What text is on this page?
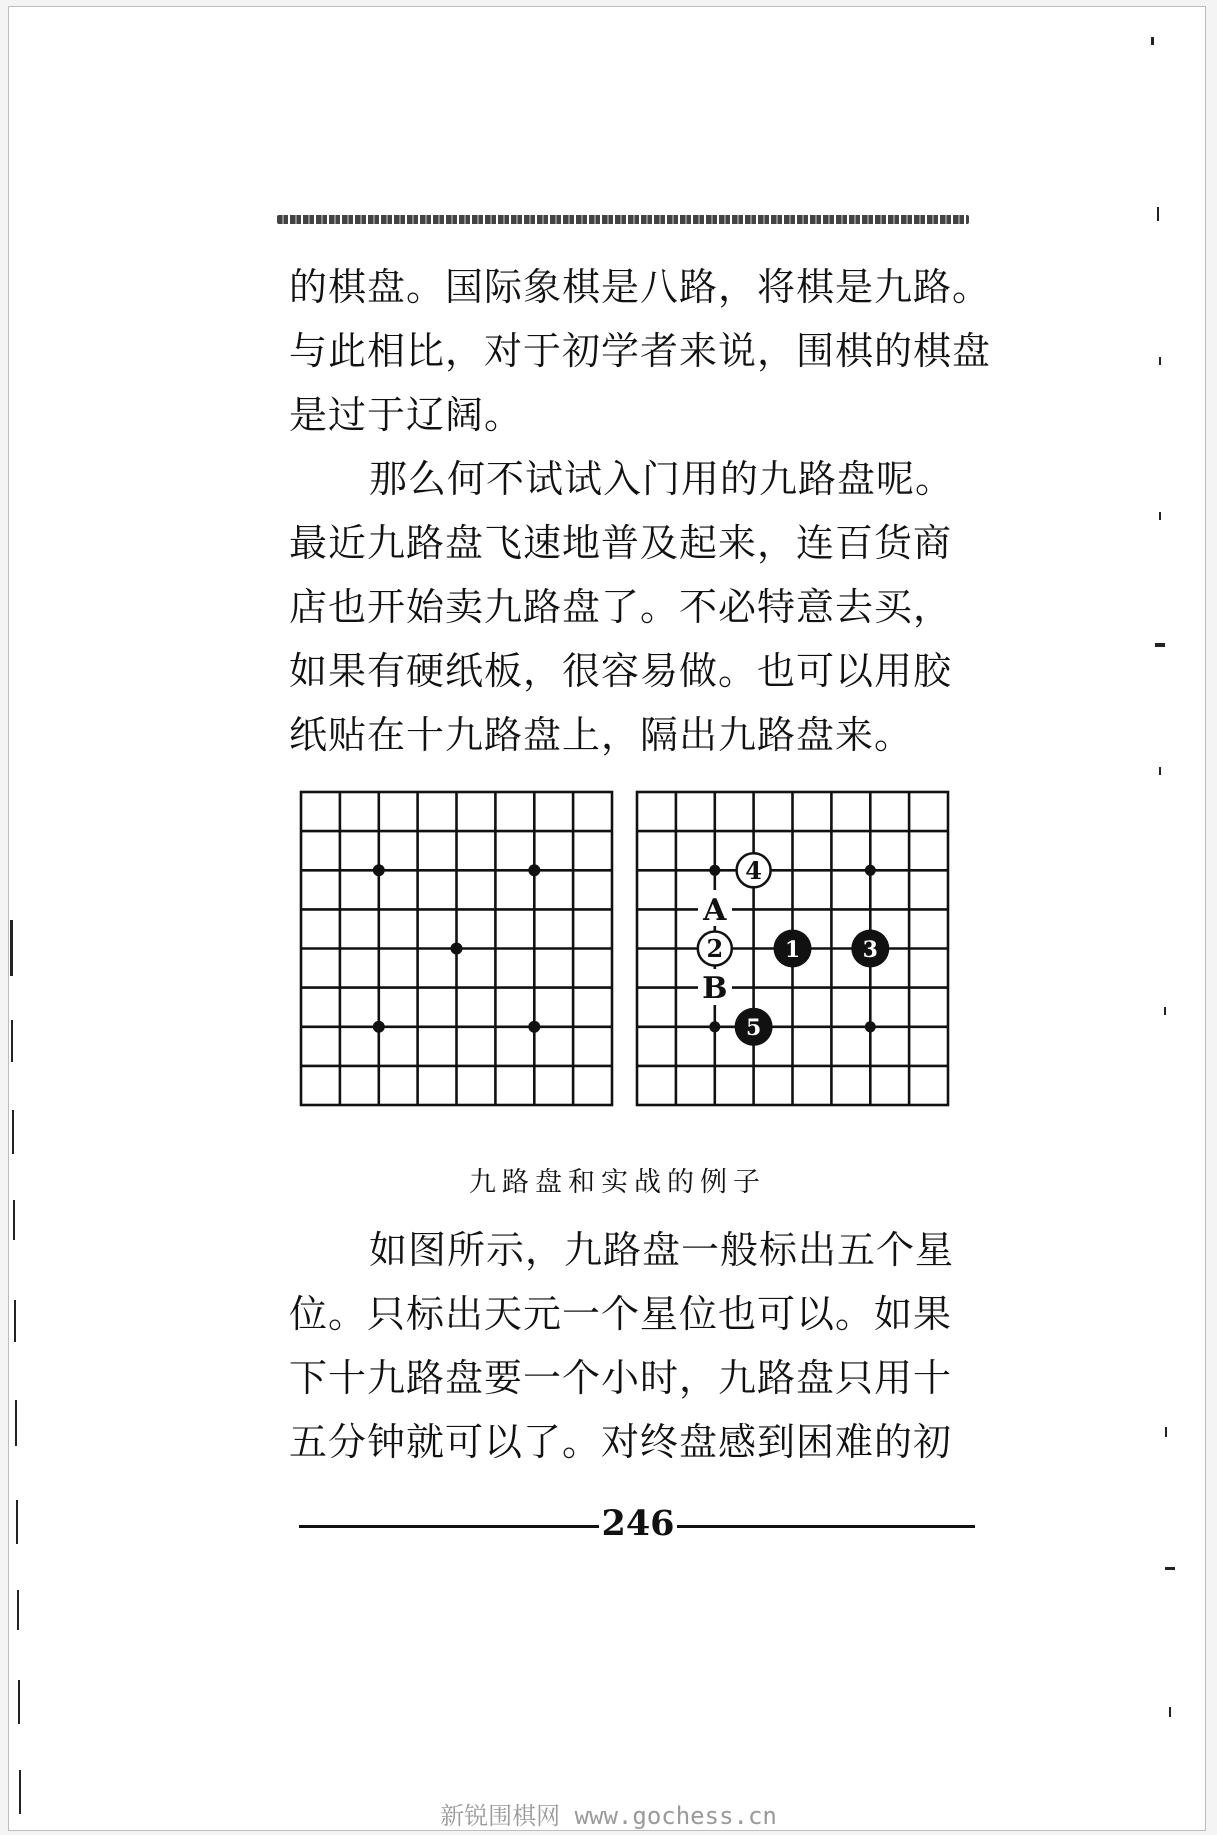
的棋盘。国际象棋是八路，将棋是九路。

与此相比，对于初学者来说，围棋的棋盘

是过于辽阔。

那么何不试试入门用的九路盘呢。

最近九路盘飞速地普及起来，连百货商

店也开始卖九路盘了。不必特意去买，

如果有硬纸板，很容易做。也可以用胶

纸贴在十九路盘上，隔出九路盘来。

4
2	1	3
5
A
B
九路盘和实战的例子

如图所示，九路盘一般标出五个星

位。只标出天元一个星位也可以。如果

下十九路盘要一个小时，九路盘只用十

五分钟就可以了。对终盘感到困难的初

246
新锐围棋网 www.gochess.cn
